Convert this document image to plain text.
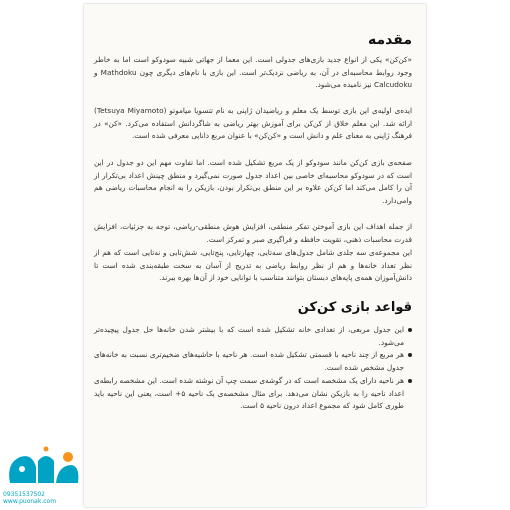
مقدمه

«کن‌کن» یکی از انواع جدید بازی‌های جدولی است. این معما از جهاتی شبیه سودوکو است اما به خاطر وجود روابط محاسبه‌ای در آن، به ریاضی نزدیک‌تر است. این بازی با نام‌های دیگری چون Mathdoku و Calcudoku نیز نامیده می‌شود.

ایده‌ی اولیه‌ی این بازی توسط یک معلم و ریاضیدان ژاپنی به نام تتسویا میاموتو (Tetsuya Miyamoto) ارائه شد. این معلم خلاق از کن‌کن برای آموزش بهتر ریاضی به شاگردانش استفاده می‌کرد. «کن» در فرهنگ ژاپنی به معنای علم و دانش است و «کن‌کن» با عنوان مربع دانایی معرفی شده است.

صفحه‌ی بازی کن‌کن مانند سودوکو از یک مربع تشکیل شده است. اما تفاوت مهم این دو جدول در این است که در سودوکو محاسبه‌ای خاصی بین اعداد جدول صورت نمی‌گیرد و منطق چینش اعداد بی‌تکرار از آن را کامل می‌کند اما کن‌کن علاوه بر این منطق بی‌تکرار بودن، بازیکن را به انجام محاسبات ریاضی هم وامی‌دارد.

از جمله اهداف این بازی آموختن تفکر منطقی، افزایش هوش منطقی-ریاضی، توجه به جزئیات، افزایش قدرت محاسبات ذهنی، تقویت حافظه و فراگیری صبر و تمرکز است.

این مجموعه‌ی سه جلدی شامل جدول‌های سه‌تایی، چهارتایی، پنج‌تایی، شش‌تایی و نه‌تایی است که هم از نظر تعداد خانه‌ها و هم از نظر روابط ریاضی به تدریج از آسان به سخت طبقه‌بندی شده است تا دانش‌آموزان همه‌ی پایه‌های دبستان بتوانند متناسب با توانایی خود از آن‌ها بهره ببرند.

قواعد بازی کن‌کن
این جدول مربعی، از تعدادی خانه تشکیل شده است که با بیشتر شدن خانه‌ها حل جدول پیچیده‌تر می‌شود.
هر مربع از چند ناحیه با قسمتی تشکیل شده است. هر ناحیه با حاشیه‌های ضخیم‌تری نسبت به خانه‌های جدول مشخص شده است.
هر ناحیه دارای یک مشخصه است که در گوشه‌ی سمت چپ آن نوشته شده است. این مشخصه رابطه‌ی اعداد ناحیه را به بازیکن نشان می‌دهد. برای مثال مشخصه‌ی یک ناحیه ۵+ است، یعنی این ناحیه باید طوری کامل شود که مجموع اعداد درون ناحیه ۵ است.
09351537502
www.puonak.com
